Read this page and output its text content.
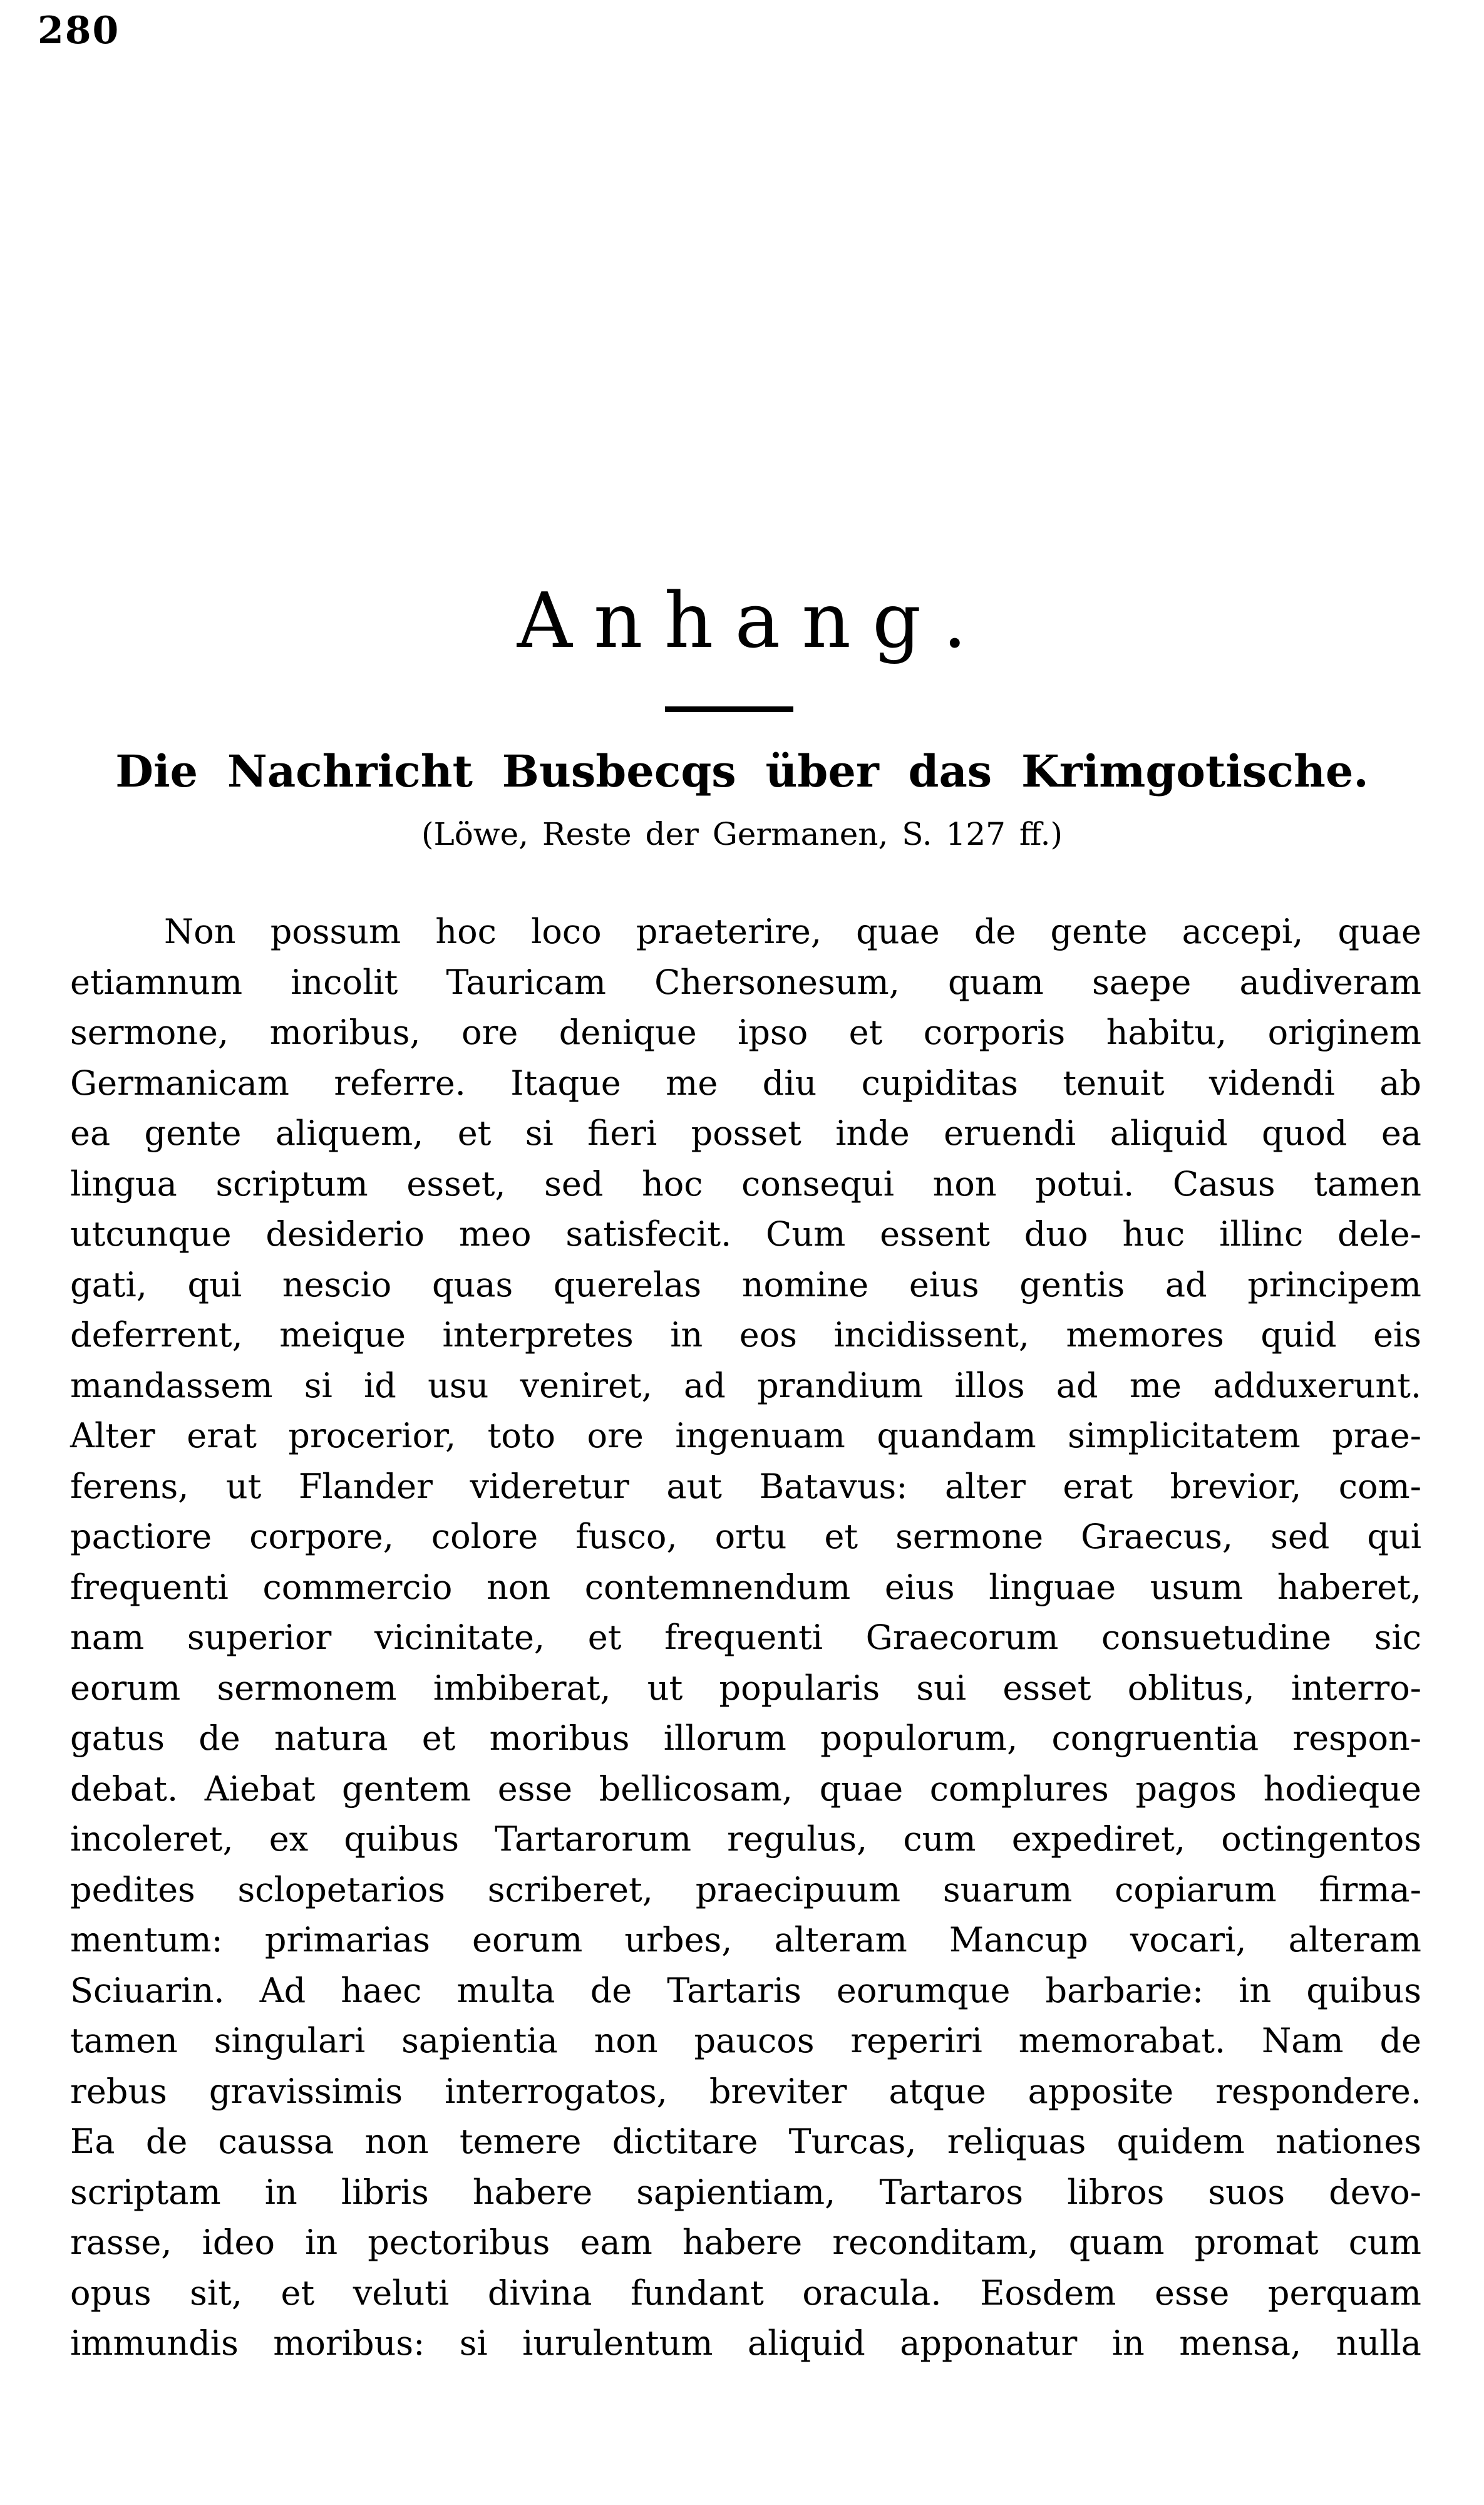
280
Anhang.
Die Nachricht Busbecqs über das Krimgotische.
(Löwe, Reste der Germanen, S. 127 ff.)
Non possum hoc loco praeterire, quae de gente accepi, quae
etiamnum incolit Tauricam Chersonesum, quam saepe audiveram
sermone, moribus, ore denique ipso et corporis habitu, originem
Germanicam referre. Itaque me diu cupiditas tenuit videndi ab
ea gente aliquem, et si fieri posset inde eruendi aliquid quod ea
lingua scriptum esset, sed hoc consequi non potui. Casus tamen
utcunque desiderio meo satisfecit. Cum essent duo huc illinc dele-
gati, qui nescio quas querelas nomine eius gentis ad principem
deferrent, meique interpretes in eos incidissent, memores quid eis
mandassem si id usu veniret, ad prandium illos ad me adduxerunt.
Alter erat procerior, toto ore ingenuam quandam simplicitatem prae-
ferens, ut Flander videretur aut Batavus: alter erat brevior, com-
pactiore corpore, colore fusco, ortu et sermone Graecus, sed qui
frequenti commercio non contemnendum eius linguae usum haberet,
nam superior vicinitate, et frequenti Graecorum consuetudine sic
eorum sermonem imbiberat, ut popularis sui esset oblitus, interro-
gatus de natura et moribus illorum populorum, congruentia respon-
debat. Aiebat gentem esse bellicosam, quae complures pagos hodieque
incoleret, ex quibus Tartarorum regulus, cum expediret, octingentos
pedites sclopetarios scriberet, praecipuum suarum copiarum firma-
mentum: primarias eorum urbes, alteram Mancup vocari, alteram
Sciuarin. Ad haec multa de Tartaris eorumque barbarie: in quibus
tamen singulari sapientia non paucos reperiri memorabat. Nam de
rebus gravissimis interrogatos, breviter atque apposite respondere.
Ea de caussa non temere dictitare Turcas, reliquas quidem nationes
scriptam in libris habere sapientiam, Tartaros libros suos devo-
rasse, ideo in pectoribus eam habere reconditam, quam promat cum
opus sit, et veluti divina fundant oracula. Eosdem esse perquam
immundis moribus: si iurulentum aliquid apponatur in mensa, nulla
